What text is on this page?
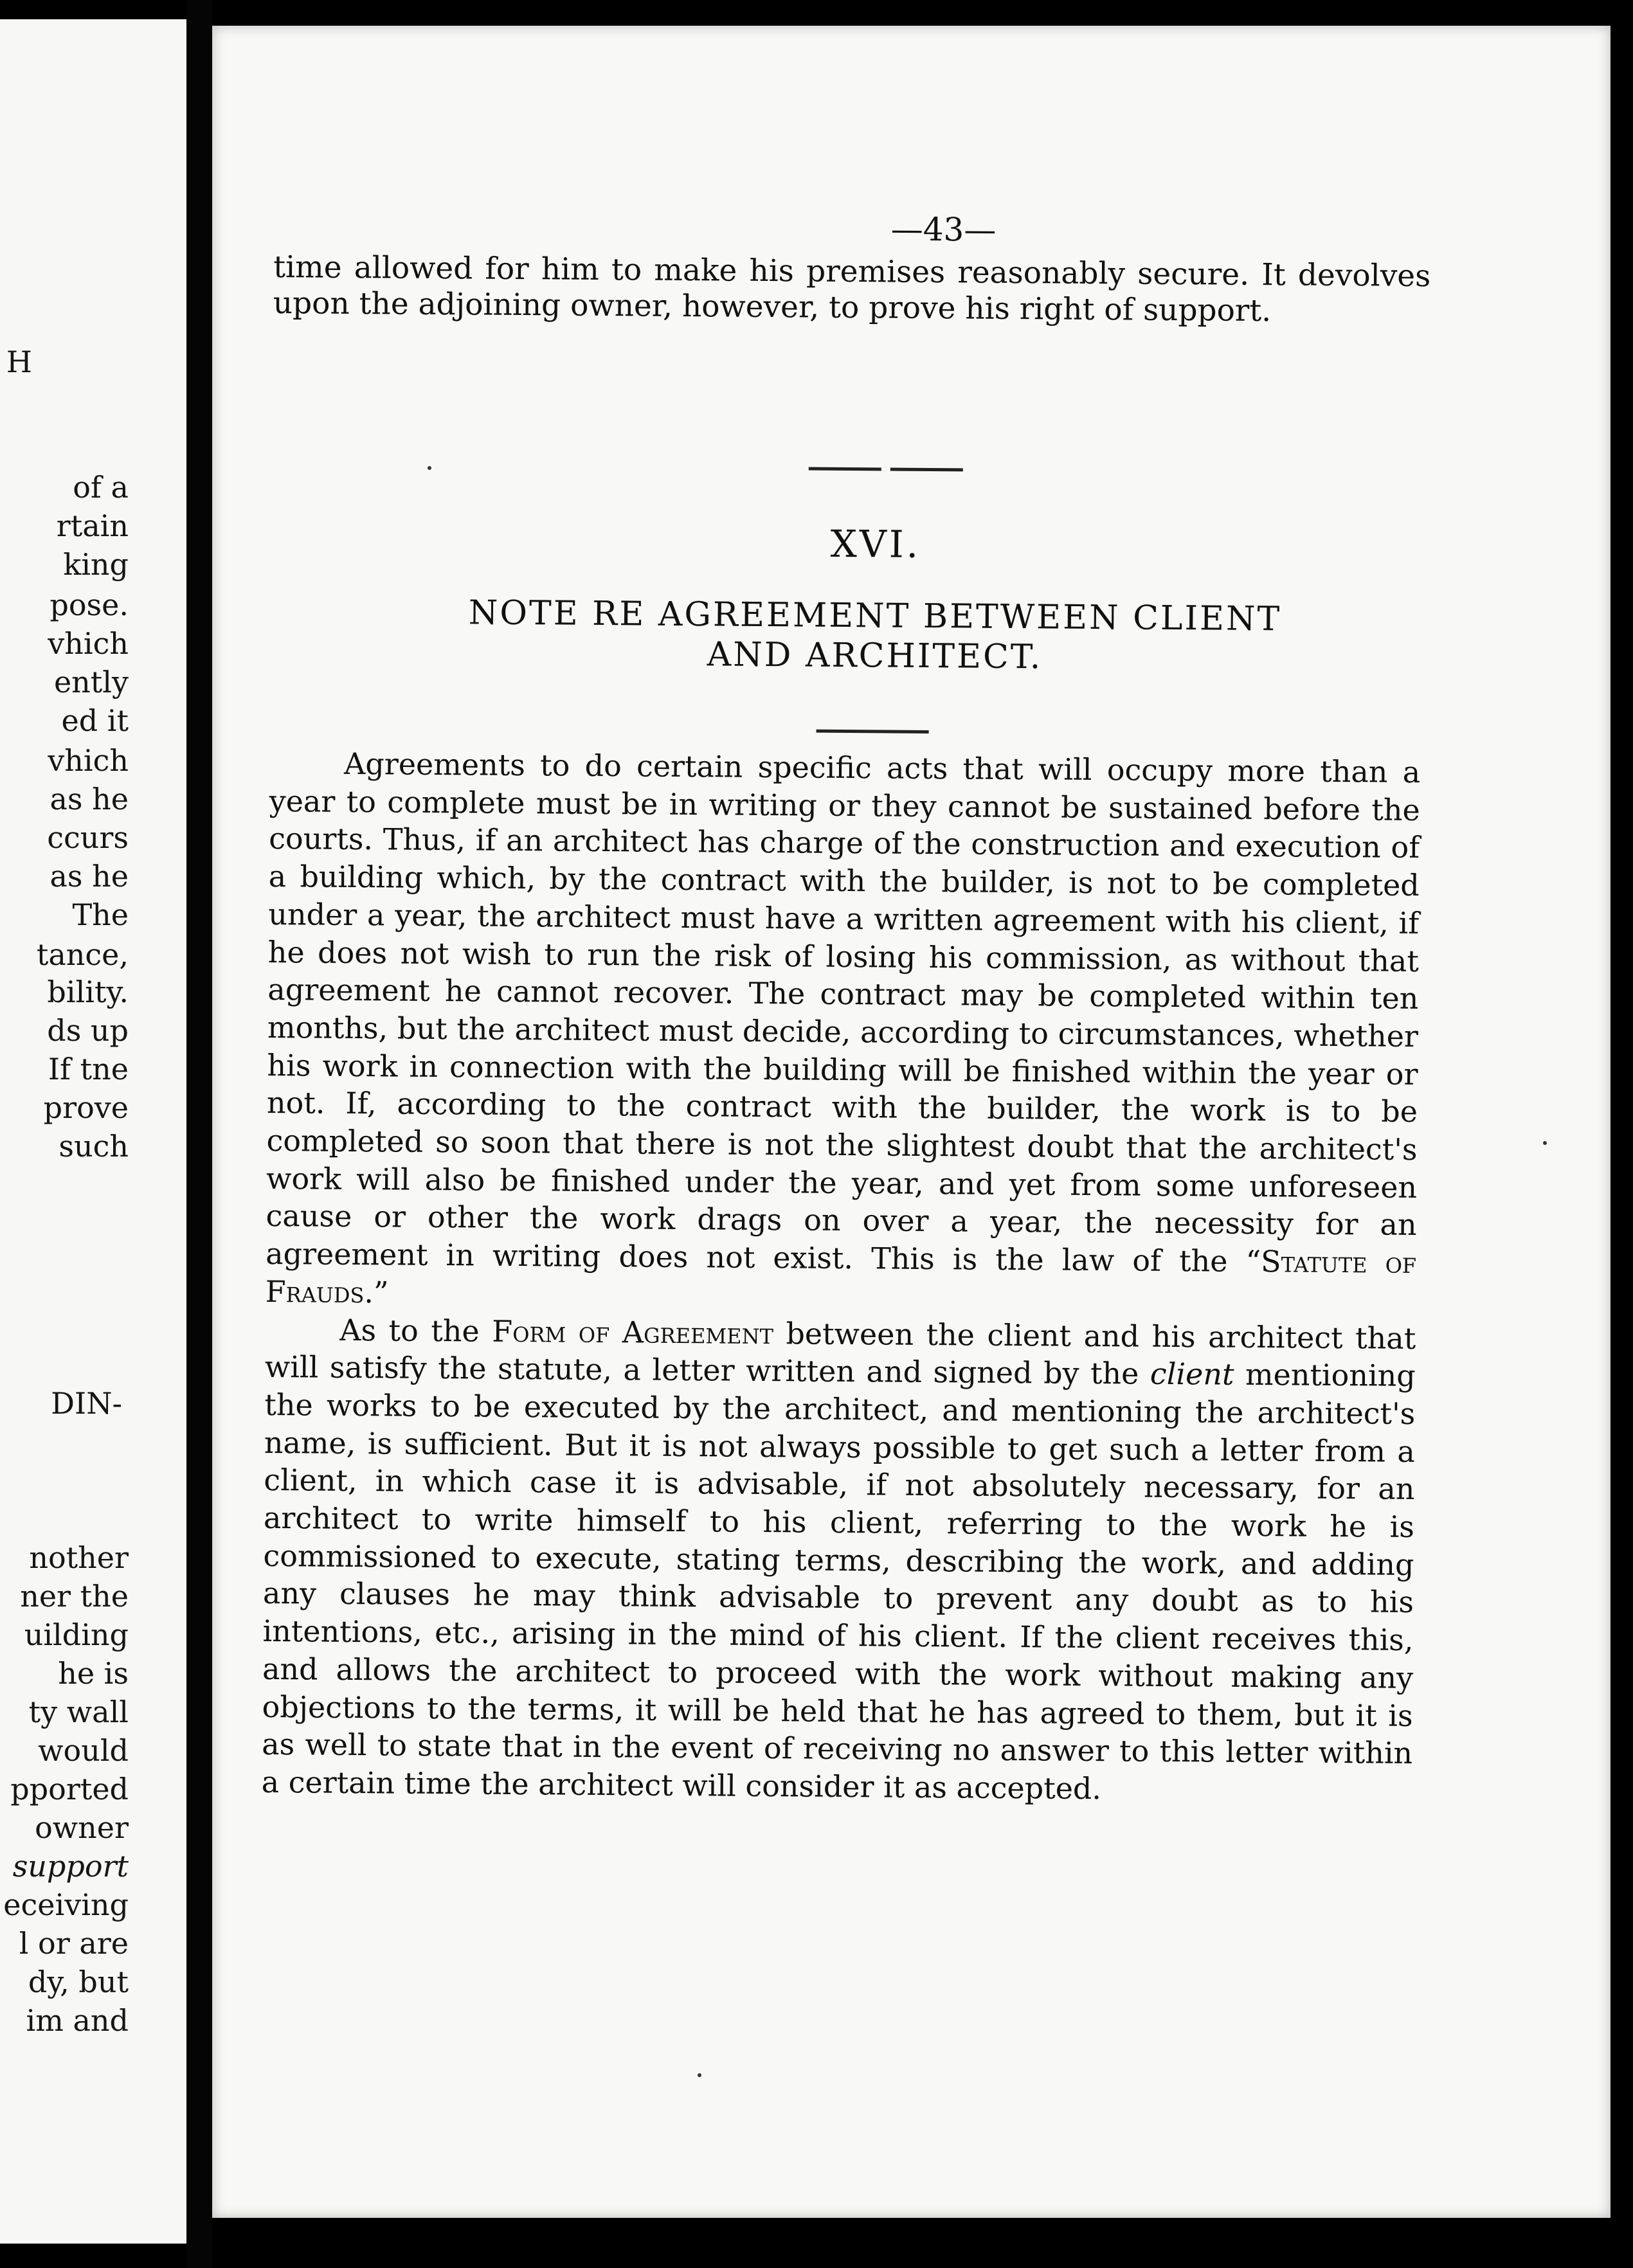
H
of a
rtain
king
pose.
vhich
ently
ed it
vhich
as he
ccurs
as he
The
tance,
bility.
ds up
If tne
prove
such
DIN-
nother
ner the
uilding
he is
ty wall
would
pported
owner
support
eceiving
l or are
dy, but
im and
—43—

time allowed for him to make his premises reasonably secure. It devolves upon the adjoining owner, however, to prove his right of support.

XVI.
NOTE RE AGREEMENT BETWEEN CLIENT
AND ARCHITECT.

Agreements to do certain specific acts that will occupy more than a year to complete must be in writing or they cannot be sustained before the courts. Thus, if an architect has charge of the construction and execution of a building which, by the contract with the builder, is not to be completed under a year, the architect must have a written agreement with his client, if he does not wish to run the risk of losing his commission, as without that agreement he cannot recover. The contract may be completed within ten months, but the architect must decide, according to circumstances, whether his work in connection with the building will be finished within the year or not. If, according to the contract with the builder, the work is to be completed so soon that there is not the slightest doubt that the architect's work will also be finished under the year, and yet from some unforeseen cause or other the work drags on over a year, the necessity for an agreement in writing does not exist. This is the law of the “Statute of Frauds.”

As to the Form of Agreement between the client and his architect that will satisfy the statute, a letter written and signed by the client mentioning the works to be executed by the architect, and mentioning the architect's name, is sufficient. But it is not always possible to get such a letter from a client, in which case it is advisable, if not absolutely necessary, for an architect to write himself to his client, referring to the work he is commissioned to execute, stating terms, describing the work, and adding any clauses he may think advisable to prevent any doubt as to his intentions, etc., arising in the mind of his client. If the client receives this, and allows the architect to proceed with the work without making any objections to the terms, it will be held that he has agreed to them, but it is as well to state that in the event of receiving no answer to this letter within a certain time the architect will consider it as accepted.
